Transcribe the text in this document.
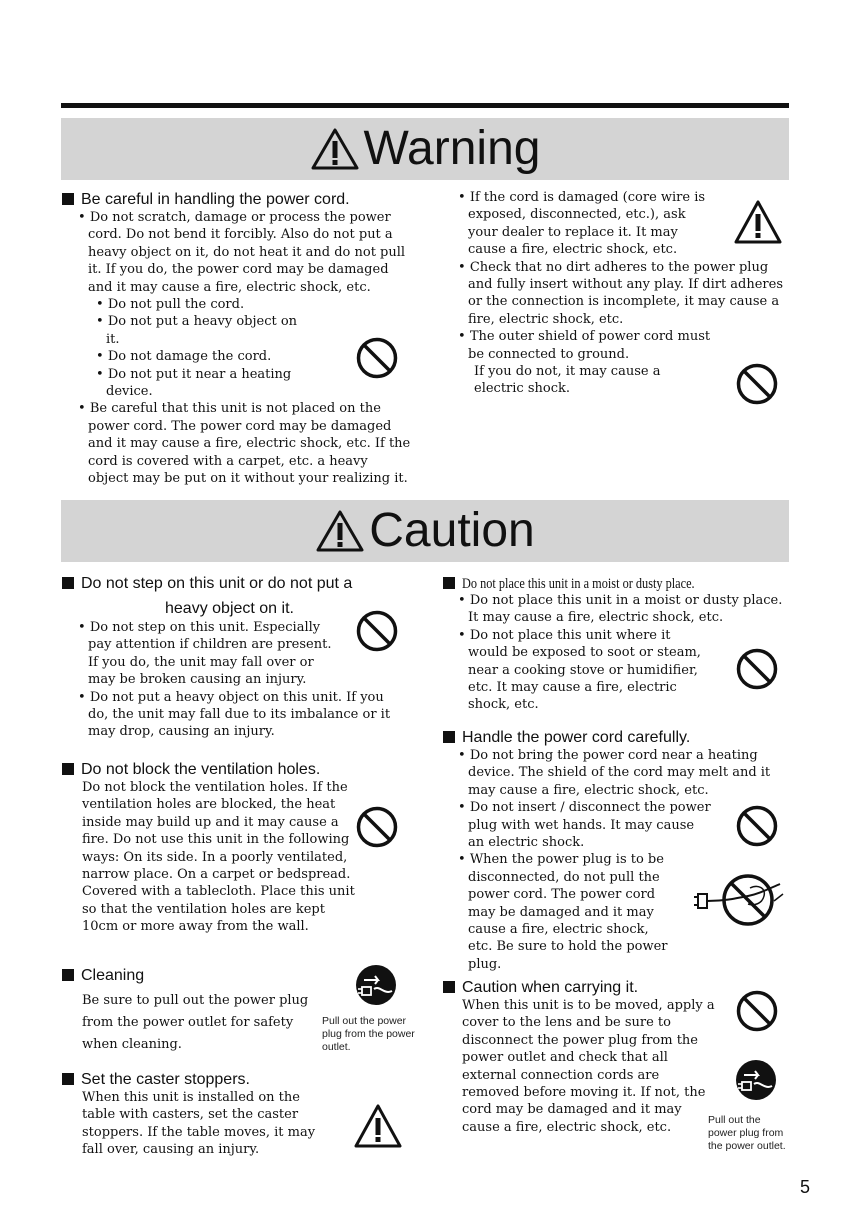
Warning
Be careful in handling the power cord.
• Do not scratch, damage or process the power cord. Do not bend it forcibly. Also do not put a heavy object on it, do not heat it and do not pull it. If you do, the power cord may be damaged and it may cause a fire, electric shock, etc.
• Do not pull the cord.
• Do not put a heavy object on it.
• Do not damage the cord.
• Do not put it near a heating device.
• Be careful that this unit is not placed on the power cord. The power cord may be damaged and it may cause a fire, electric shock, etc. If the cord is covered with a carpet, etc. a heavy object may be put on it without your realizing it.
• If the cord is damaged (core wire is exposed, disconnected, etc.), ask your dealer to replace it. It may cause a fire, electric shock, etc.
• Check that no dirt adheres to the power plug and fully insert without any play. If dirt adheres or the connection is incomplete, it may cause a fire, electric shock, etc.
• The outer shield of power cord must be connected to ground.
If you do not, it may cause a electric shock.
Caution
Do not step on this unit or do not put a
heavy object on it.
• Do not step on this unit. Especially pay attention if children are present. If you do, the unit may fall over or may be broken causing an injury.
• Do not put a heavy object on this unit. If you do, the unit may fall due to its imbalance or it may drop, causing an injury.
Do not block the ventilation holes.
Do not block the ventilation holes. If the ventilation holes are blocked, the heat inside may build up and it may cause a fire. Do not use this unit in the following ways: On its side. In a poorly ventilated, narrow place. On a carpet or bedspread. Covered with a tablecloth. Place this unit so that the ventilation holes are kept 10cm or more away from the wall.
Cleaning
Be sure to pull out the power plug from the power outlet for safety when cleaning.
Pull out the power plug from the power outlet.
Set the caster stoppers.
When this unit is installed on the table with casters, set the caster stoppers. If the table moves, it may fall over, causing an injury.
Do not place this unit in a moist or dusty place.
• Do not place this unit in a moist or dusty place. It may cause a fire, electric shock, etc.
• Do not place this unit where it would be exposed to soot or steam, near a cooking stove or humidifier, etc. It may cause a fire, electric shock, etc.
Handle the power cord carefully.
• Do not bring the power cord near a heating device. The shield of the cord may melt and it may cause a fire, electric shock, etc.
• Do not insert / disconnect the power plug with wet hands. It may cause an electric shock.
• When the power plug is to be disconnected, do not pull the power cord. The power cord may be damaged and it may cause a fire, electric shock, etc. Be sure to hold the power plug.
Caution when carrying it.
When this unit is to be moved, apply a cover to the lens and be sure to disconnect the power plug from the power outlet and check that all external connection cords are removed before moving it. If not, the cord may be damaged and it may cause a fire, electric shock, etc.	Pull out the power plug from the power outlet.
5
